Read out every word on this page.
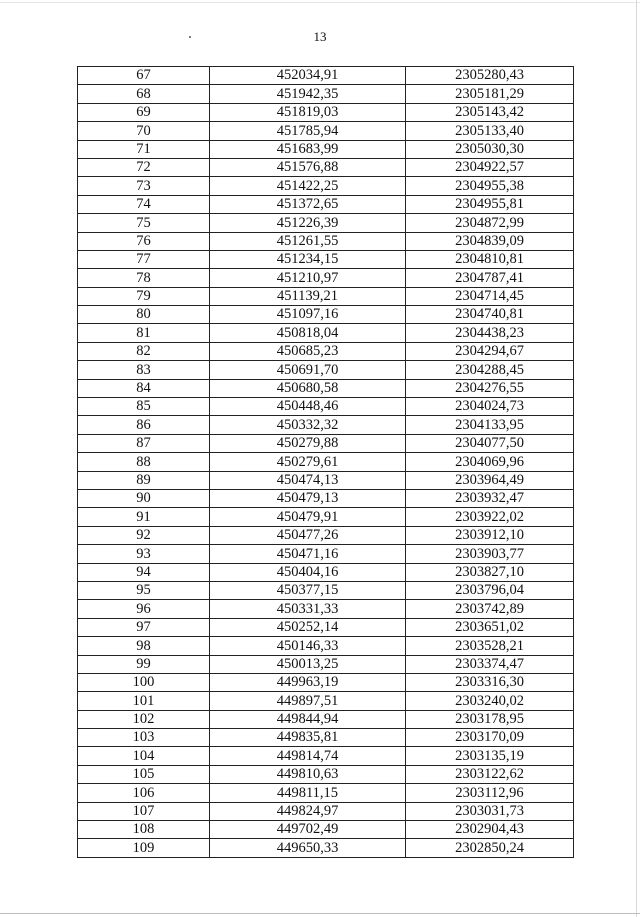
13
67	452034,91	2305280,43
68	451942,35	2305181,29
69	451819,03	2305143,42
70	451785,94	2305133,40
71	451683,99	2305030,30
72	451576,88	2304922,57
73	451422,25	2304955,38
74	451372,65	2304955,81
75	451226,39	2304872,99
76	451261,55	2304839,09
77	451234,15	2304810,81
78	451210,97	2304787,41
79	451139,21	2304714,45
80	451097,16	2304740,81
81	450818,04	2304438,23
82	450685,23	2304294,67
83	450691,70	2304288,45
84	450680,58	2304276,55
85	450448,46	2304024,73
86	450332,32	2304133,95
87	450279,88	2304077,50
88	450279,61	2304069,96
89	450474,13	2303964,49
90	450479,13	2303932,47
91	450479,91	2303922,02
92	450477,26	2303912,10
93	450471,16	2303903,77
94	450404,16	2303827,10
95	450377,15	2303796,04
96	450331,33	2303742,89
97	450252,14	2303651,02
98	450146,33	2303528,21
99	450013,25	2303374,47
100	449963,19	2303316,30
101	449897,51	2303240,02
102	449844,94	2303178,95
103	449835,81	2303170,09
104	449814,74	2303135,19
105	449810,63	2303122,62
106	449811,15	2303112,96
107	449824,97	2303031,73
108	449702,49	2302904,43
109	449650,33	2302850,24
